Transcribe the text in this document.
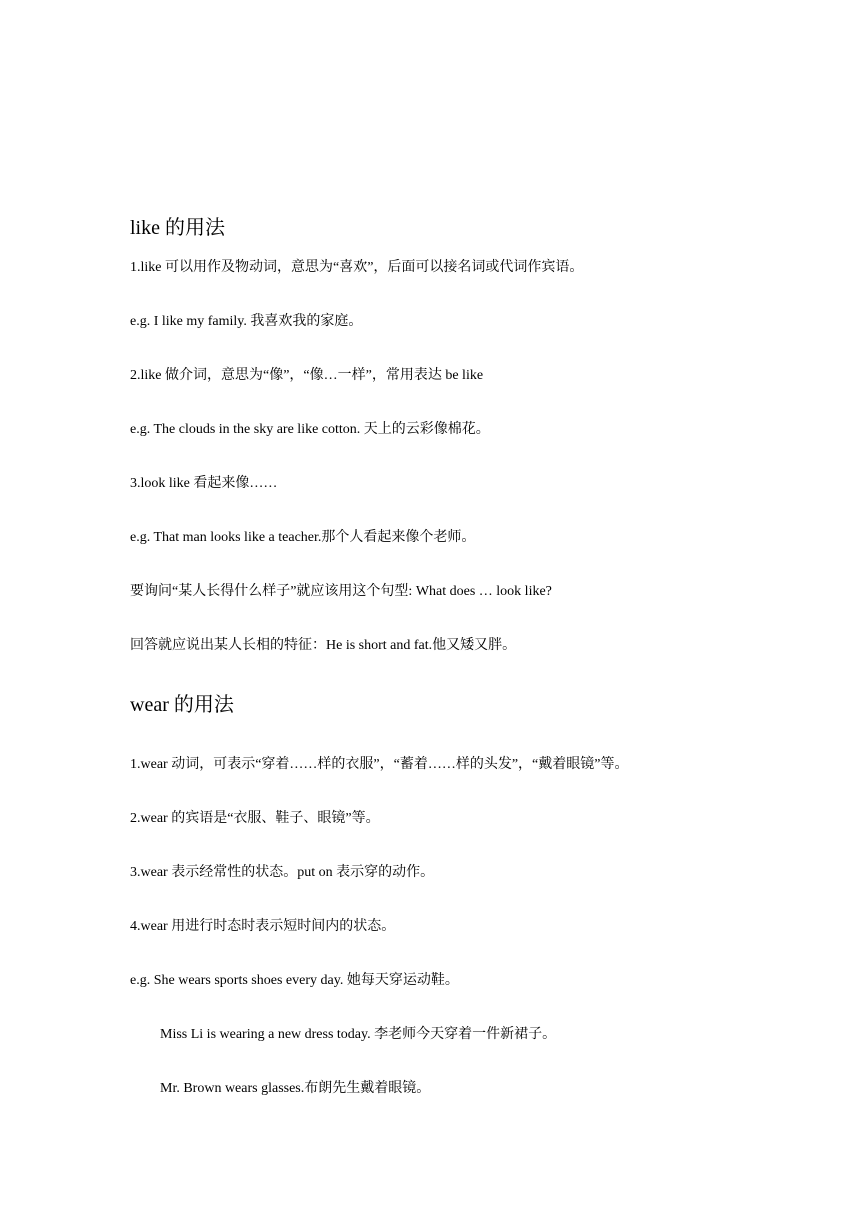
like 的用法
1.like 可以用作及物动词，意思为“喜欢”，后面可以接名词或代词作宾语。
e.g. I like my family. 我喜欢我的家庭。
2.like 做介词，意思为“像”，“像…一样”，常用表达 be like
e.g. The clouds in the sky are like cotton. 天上的云彩像棉花。
3.look like 看起来像……
e.g. That man looks like a teacher.那个人看起来像个老师。
要询问“某人长得什么样子”就应该用这个句型: What does … look like?
回答就应说出某人长相的特征：He is short and fat.他又矮又胖。
wear 的用法
1.wear 动词，可表示“穿着……样的衣服”，“蓄着……样的头发”，“戴着眼镜”等。
2.wear 的宾语是“衣服、鞋子、眼镜”等。
3.wear 表示经常性的状态。put on 表示穿的动作。
4.wear 用进行时态时表示短时间内的状态。
e.g. She wears sports shoes every day. 她每天穿运动鞋。
Miss Li is wearing a new dress today. 李老师今天穿着一件新裙子。
Mr. Brown wears glasses.布朗先生戴着眼镜。
